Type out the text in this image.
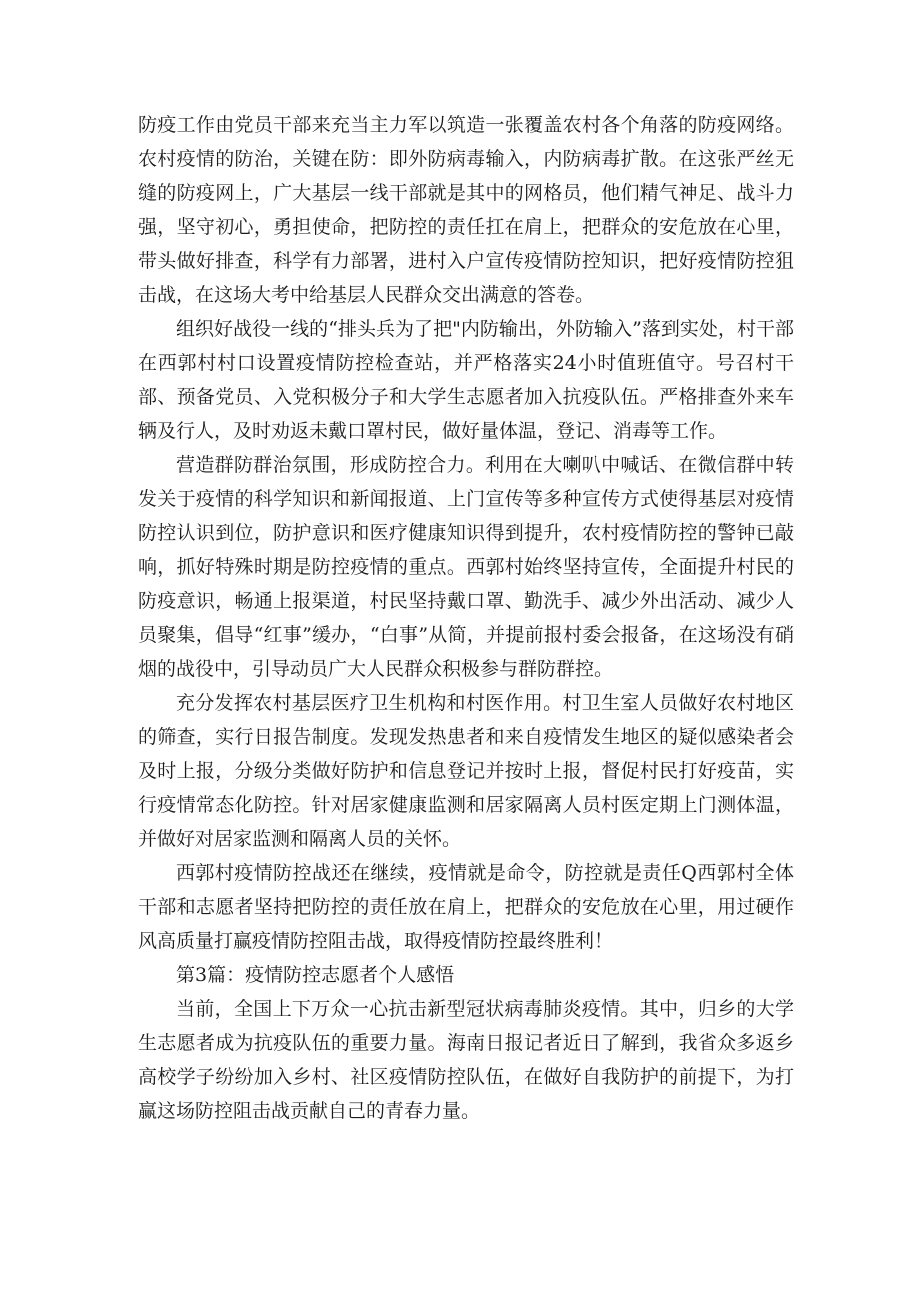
防疫工作由党员干部来充当主力军以筑造一张覆盖农村各个角落的防疫网络。农村疫情的防治，关键在防：即外防病毒输入，内防病毒扩散。在这张严丝无缝的防疫网上，广大基层一线干部就是其中的网格员，他们精气神足、战斗力强，坚守初心，勇担使命，把防控的责任扛在肩上，把群众的安危放在心里，带头做好排查，科学有力部署，进村入户宣传疫情防控知识，把好疫情防控狙击战，在这场大考中给基层人民群众交出满意的答卷。

组织好战役一线的“排头兵为了把"内防输出，外防输入”落到实处，村干部在西郭村村口设置疫情防控检查站，并严格落实24小时值班值守。号召村干部、预备党员、入党积极分子和大学生志愿者加入抗疫队伍。严格排查外来车辆及行人，及时劝返未戴口罩村民，做好量体温，登记、消毒等工作。

营造群防群治氛围，形成防控合力。利用在大喇叭中喊话、在微信群中转发关于疫情的科学知识和新闻报道、上门宣传等多种宣传方式使得基层对疫情防控认识到位，防护意识和医疗健康知识得到提升，农村疫情防控的警钟已敲响，抓好特殊时期是防控疫情的重点。西郭村始终坚持宣传，全面提升村民的防疫意识，畅通上报渠道，村民坚持戴口罩、勤洗手、减少外出活动、减少人员聚集，倡导“红事”缓办，“白事”从简，并提前报村委会报备，在这场没有硝烟的战役中，引导动员广大人民群众积极参与群防群控。

充分发挥农村基层医疗卫生机构和村医作用。村卫生室人员做好农村地区的筛查，实行日报告制度。发现发热患者和来自疫情发生地区的疑似感染者会及时上报，分级分类做好防护和信息登记并按时上报，督促村民打好疫苗，实行疫情常态化防控。针对居家健康监测和居家隔离人员村医定期上门测体温，并做好对居家监测和隔离人员的关怀。

西郭村疫情防控战还在继续，疫情就是命令，防控就是责任Q西郭村全体干部和志愿者坚持把防控的责任放在肩上，把群众的安危放在心里，用过硬作风高质量打赢疫情防控阻击战，取得疫情防控最终胜利！

第3篇：疫情防控志愿者个人感悟

当前，全国上下万众一心抗击新型冠状病毒肺炎疫情。其中，归乡的大学生志愿者成为抗疫队伍的重要力量。海南日报记者近日了解到，我省众多返乡高校学子纷纷加入乡村、社区疫情防控队伍，在做好自我防护的前提下，为打赢这场防控阻击战贡献自己的青春力量。
